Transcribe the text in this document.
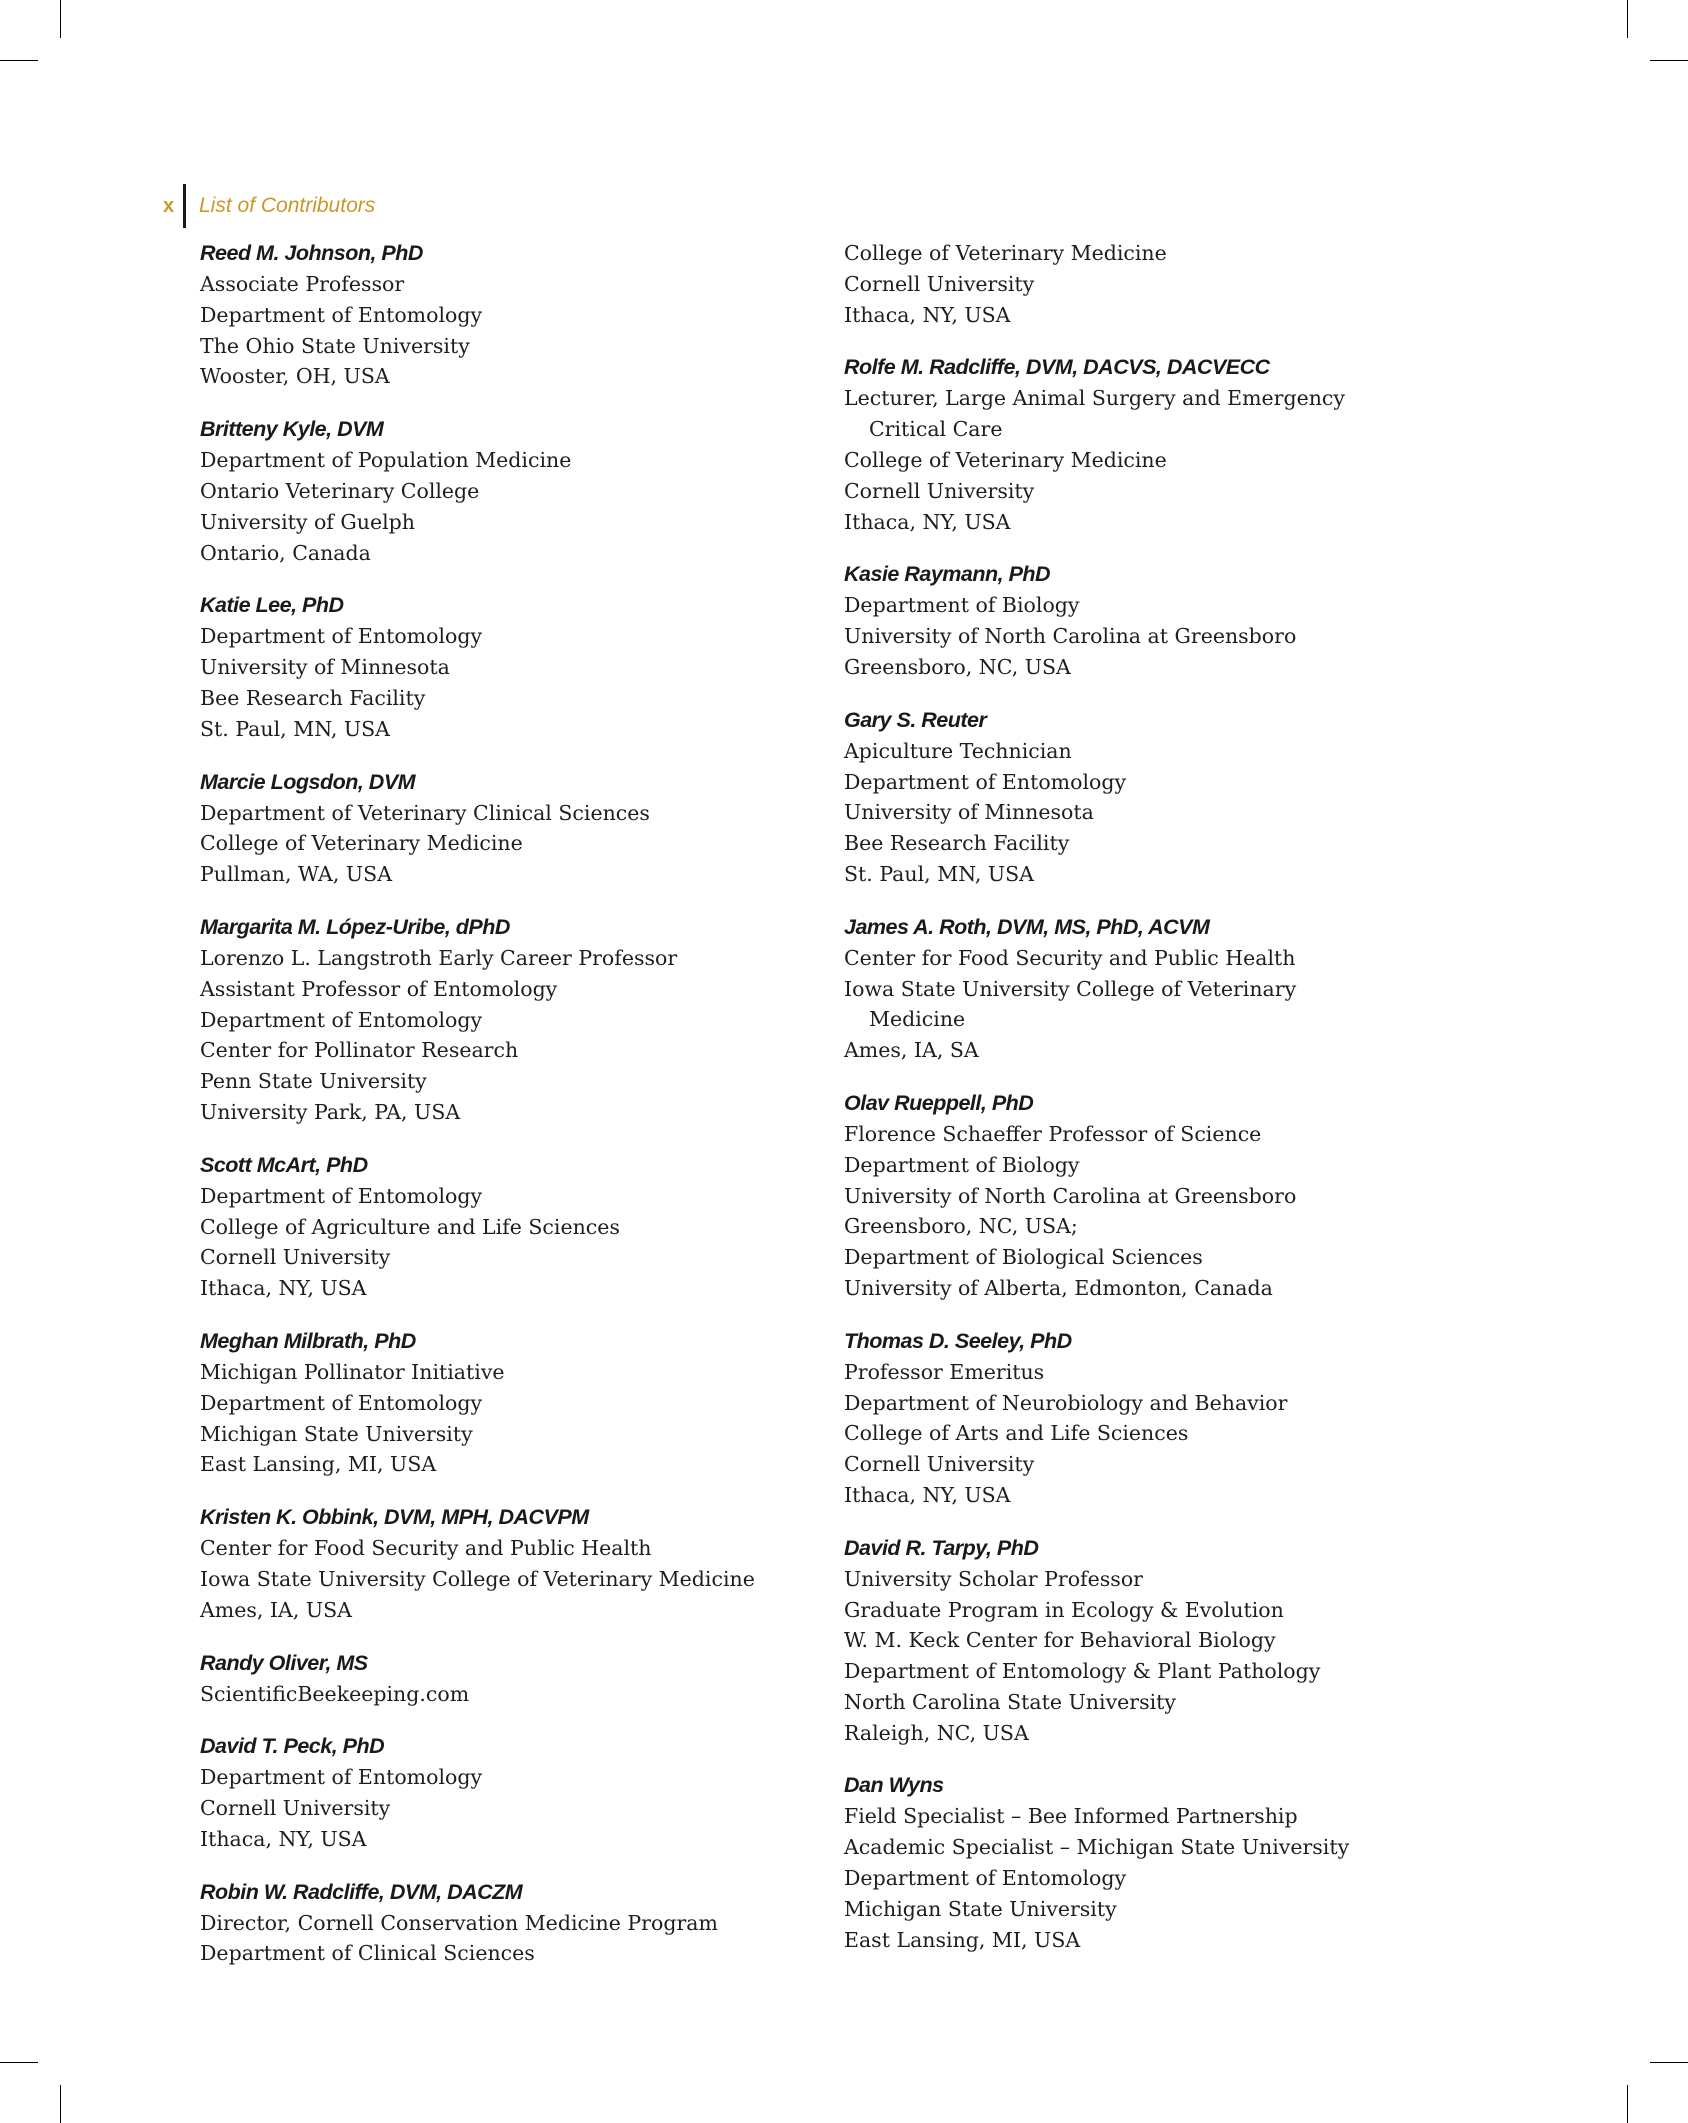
x	List of Contributors
Reed M. Johnson, PhD
Associate Professor
Department of Entomology
The Ohio State University
Wooster, OH, USA
Britteny Kyle, DVM
Department of Population Medicine
Ontario Veterinary College
University of Guelph
Ontario, Canada
Katie Lee, PhD
Department of Entomology
University of Minnesota
Bee Research Facility
St. Paul, MN, USA
Marcie Logsdon, DVM
Department of Veterinary Clinical Sciences
College of Veterinary Medicine
Pullman, WA, USA
Margarita M. López-Uribe, dPhD
Lorenzo L. Langstroth Early Career Professor
Assistant Professor of Entomology
Department of Entomology
Center for Pollinator Research
Penn State University
University Park, PA, USA
Scott McArt, PhD
Department of Entomology
College of Agriculture and Life Sciences
Cornell University
Ithaca, NY, USA
Meghan Milbrath, PhD
Michigan Pollinator Initiative
Department of Entomology
Michigan State University
East Lansing, MI, USA
Kristen K. Obbink, DVM, MPH, DACVPM
Center for Food Security and Public Health
Iowa State University College of Veterinary Medicine
Ames, IA, USA
Randy Oliver, MS
ScientificBeekeeping.com
David T. Peck, PhD
Department of Entomology
Cornell University
Ithaca, NY, USA
Robin W. Radcliffe, DVM, DACZM
Director, Cornell Conservation Medicine Program
Department of Clinical Sciences
College of Veterinary Medicine
Cornell University
Ithaca, NY, USA
Rolfe M. Radcliffe, DVM, DACVS, DACVECC
Lecturer, Large Animal Surgery and Emergency
Critical Care
College of Veterinary Medicine
Cornell University
Ithaca, NY, USA
Kasie Raymann, PhD
Department of Biology
University of North Carolina at Greensboro
Greensboro, NC, USA
Gary S. Reuter
Apiculture Technician
Department of Entomology
University of Minnesota
Bee Research Facility
St. Paul, MN, USA
James A. Roth, DVM, MS, PhD, ACVM
Center for Food Security and Public Health
Iowa State University College of Veterinary
Medicine
Ames, IA, SA
Olav Rueppell, PhD
Florence Schaeffer Professor of Science
Department of Biology
University of North Carolina at Greensboro
Greensboro, NC, USA;
Department of Biological Sciences
University of Alberta, Edmonton, Canada
Thomas D. Seeley, PhD
Professor Emeritus
Department of Neurobiology and Behavior
College of Arts and Life Sciences
Cornell University
Ithaca, NY, USA
David R. Tarpy, PhD
University Scholar Professor
Graduate Program in Ecology & Evolution
W. M. Keck Center for Behavioral Biology
Department of Entomology & Plant Pathology
North Carolina State University
Raleigh, NC, USA
Dan Wyns
Field Specialist – Bee Informed Partnership
Academic Specialist – Michigan State University
Department of Entomology
Michigan State University
East Lansing, MI, USA
